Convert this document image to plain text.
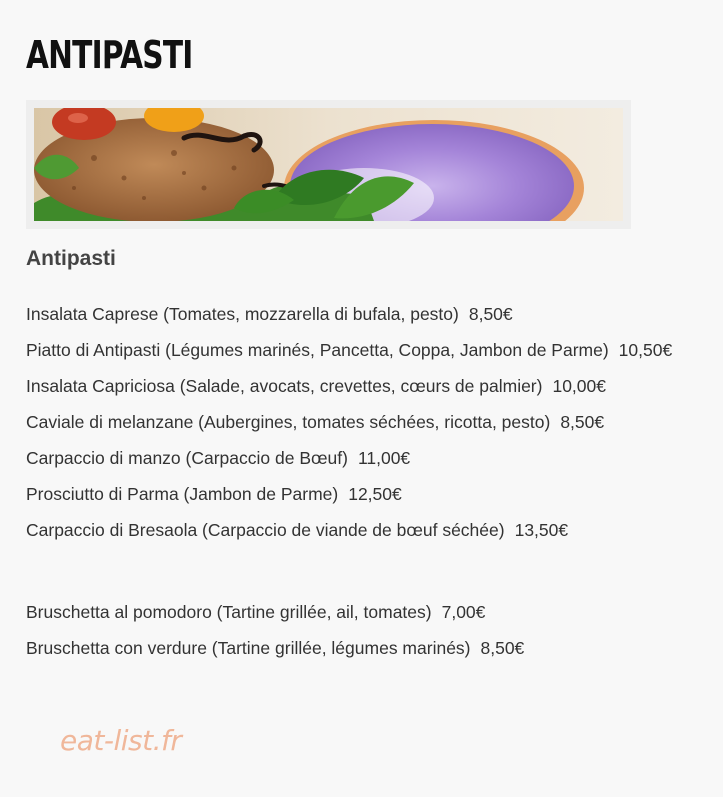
ANTIPASTI
Antipasti
Insalata Caprese (Tomates, mozzarella di bufala, pesto) 8,50€
Piatto di Antipasti (Légumes marinés, Pancetta, Coppa, Jambon de Parme) 10,50€
Insalata Capriciosa (Salade, avocats, crevettes, cœurs de palmier) 10,00€
Caviale di melanzane (Aubergines, tomates séchées, ricotta, pesto) 8,50€
Carpaccio di manzo (Carpaccio de Bœuf) 11,00€
Prosciutto di Parma (Jambon de Parme) 12,50€
Carpaccio di Bresaola (Carpaccio de viande de bœuf séchée) 13,50€
Bruschetta al pomodoro (Tartine grillée, ail, tomates) 7,00€
Bruschetta con verdure (Tartine grillée, légumes marinés) 8,50€
eat-list.fr
